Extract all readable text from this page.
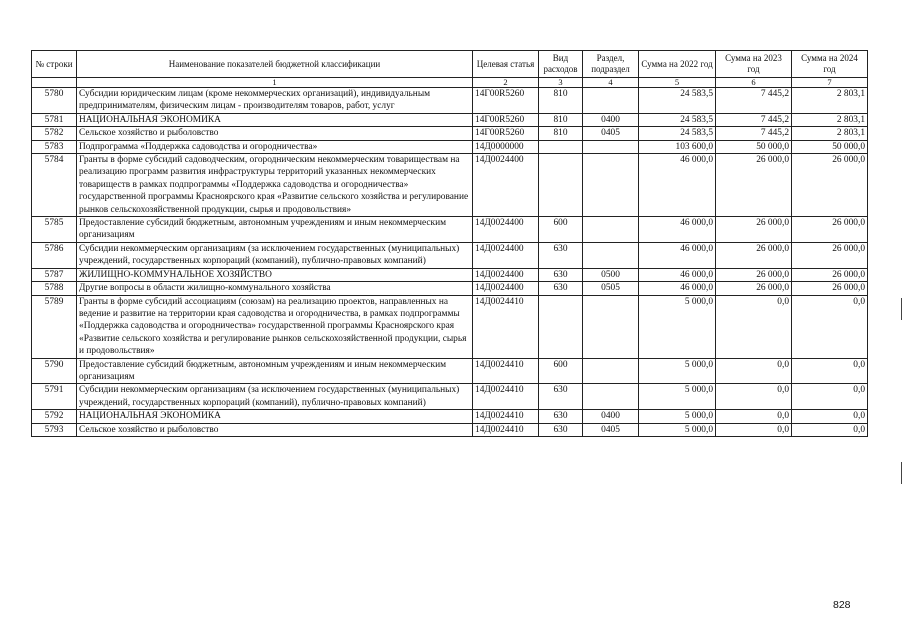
№ строки	Наименование показателей бюджетной классификации	Целевая статья	Вид расходов	Раздел, подраздел	Сумма на 2022 год	Сумма на 2023 год	Сумма на 2024 год
	1	2	3	4	5	6	7
5780	Субсидии юридическим лицам (кроме некоммерческих организаций), индивидуальным предпринимателям, физическим лицам - производителям товаров, работ, услуг	14Г00R5260	810		24 583,5	7 445,2	2 803,1
5781	НАЦИОНАЛЬНАЯ ЭКОНОМИКА	14Г00R5260	810	0400	24 583,5	7 445,2	2 803,1
5782	Сельское хозяйство и рыболовство	14Г00R5260	810	0405	24 583,5	7 445,2	2 803,1
5783	Подпрограмма «Поддержка садоводства и огородничества»	14Д0000000			103 600,0	50 000,0	50 000,0
5784	Гранты в форме субсидий садоводческим, огородническим некоммерческим товариществам на реализацию программ развития инфраструктуры территорий указанных некоммерческих товариществ в рамках подпрограммы «Поддержка садоводства и огородничества» государственной программы Красноярского края «Развитие сельского хозяйства и регулирование рынков сельскохозяйственной продукции, сырья и продовольствия»	14Д0024400			46 000,0	26 000,0	26 000,0
5785	Предоставление субсидий бюджетным, автономным учреждениям и иным некоммерческим организациям	14Д0024400	600		46 000,0	26 000,0	26 000,0
5786	Субсидии некоммерческим организациям (за исключением государственных (муниципальных) учреждений, государственных корпораций (компаний), публично-правовых компаний)	14Д0024400	630		46 000,0	26 000,0	26 000,0
5787	ЖИЛИЩНО-КОММУНАЛЬНОЕ ХОЗЯЙСТВО	14Д0024400	630	0500	46 000,0	26 000,0	26 000,0
5788	Другие вопросы в области жилищно-коммунального хозяйства	14Д0024400	630	0505	46 000,0	26 000,0	26 000,0
5789	Гранты в форме субсидий ассоциациям (союзам) на реализацию проектов, направленных на ведение и развитие на территории края садоводства и огородничества, в рамках подпрограммы «Поддержка садоводства и огородничества» государственной программы Красноярского края «Развитие сельского хозяйства и регулирование рынков сельскохозяйственной продукции, сырья и продовольствия»	14Д0024410			5 000,0	0,0	0,0
5790	Предоставление субсидий бюджетным, автономным учреждениям и иным некоммерческим организациям	14Д0024410	600		5 000,0	0,0	0,0
5791	Субсидии некоммерческим организациям (за исключением государственных (муниципальных) учреждений, государственных корпораций (компаний), публично-правовых компаний)	14Д0024410	630		5 000,0	0,0	0,0
5792	НАЦИОНАЛЬНАЯ ЭКОНОМИКА	14Д0024410	630	0400	5 000,0	0,0	0,0
5793	Сельское хозяйство и рыболовство	14Д0024410	630	0405	5 000,0	0,0	0,0
828
